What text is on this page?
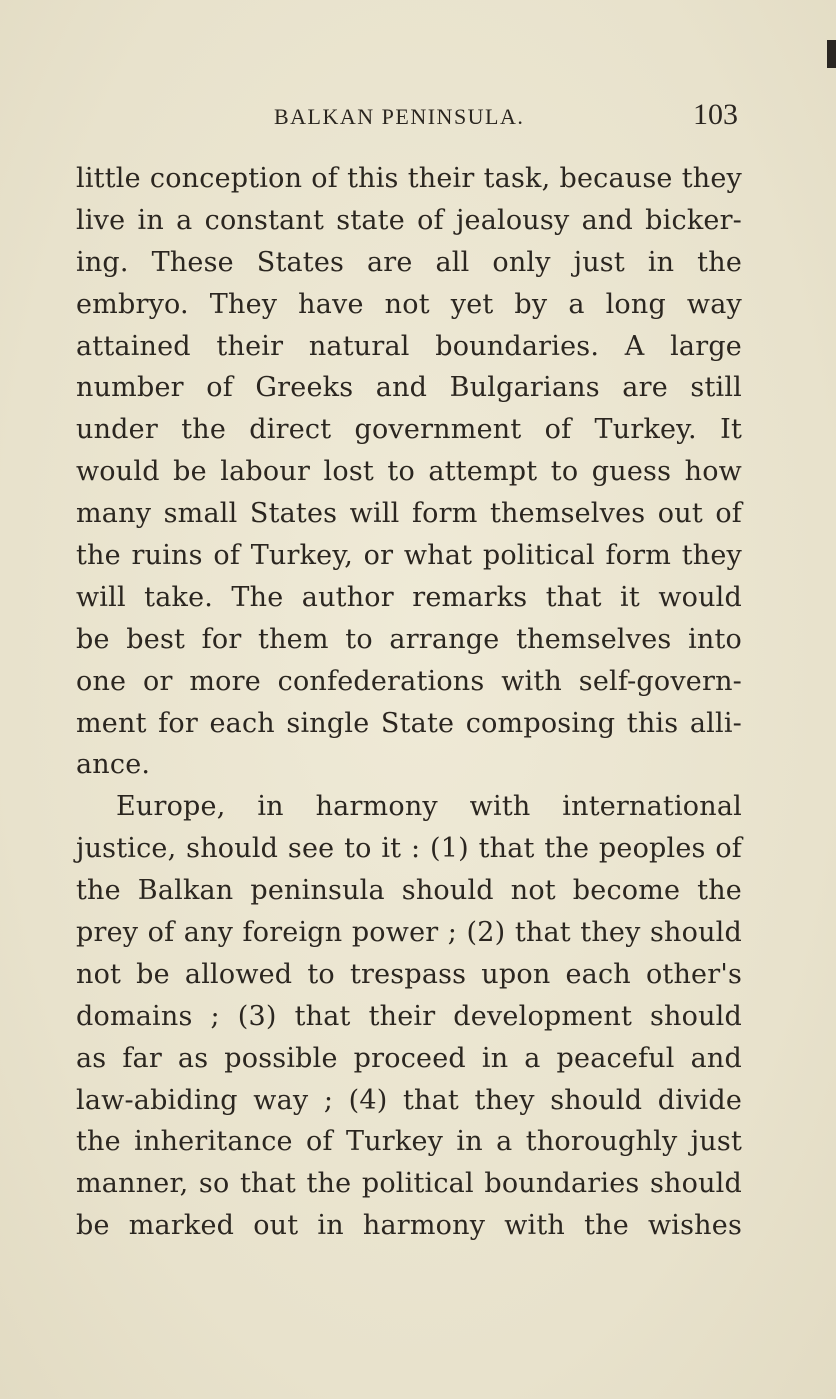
BALKAN PENINSULA.	103
little conception of this their task, because they
live in a constant state of jealousy and bicker-
ing. These States are all only just in the
embryo. They have not yet by a long way
attained their natural boundaries. A large
number of Greeks and Bulgarians are still
under the direct government of Turkey. It
would be labour lost to attempt to guess how
many small States will form themselves out of
the ruins of Turkey, or what political form they
will take. The author remarks that it would
be best for them to arrange themselves into
one or more confederations with self-govern-
ment for each single State composing this alli-
ance.
Europe, in harmony with international
justice, should see to it : (1) that the peoples of
the Balkan peninsula should not become the
prey of any foreign power ; (2) that they should
not be allowed to trespass upon each other's
domains ; (3) that their development should
as far as possible proceed in a peaceful and
law-abiding way ; (4) that they should divide
the inheritance of Turkey in a thoroughly just
manner, so that the political boundaries should
be marked out in harmony with the wishes
